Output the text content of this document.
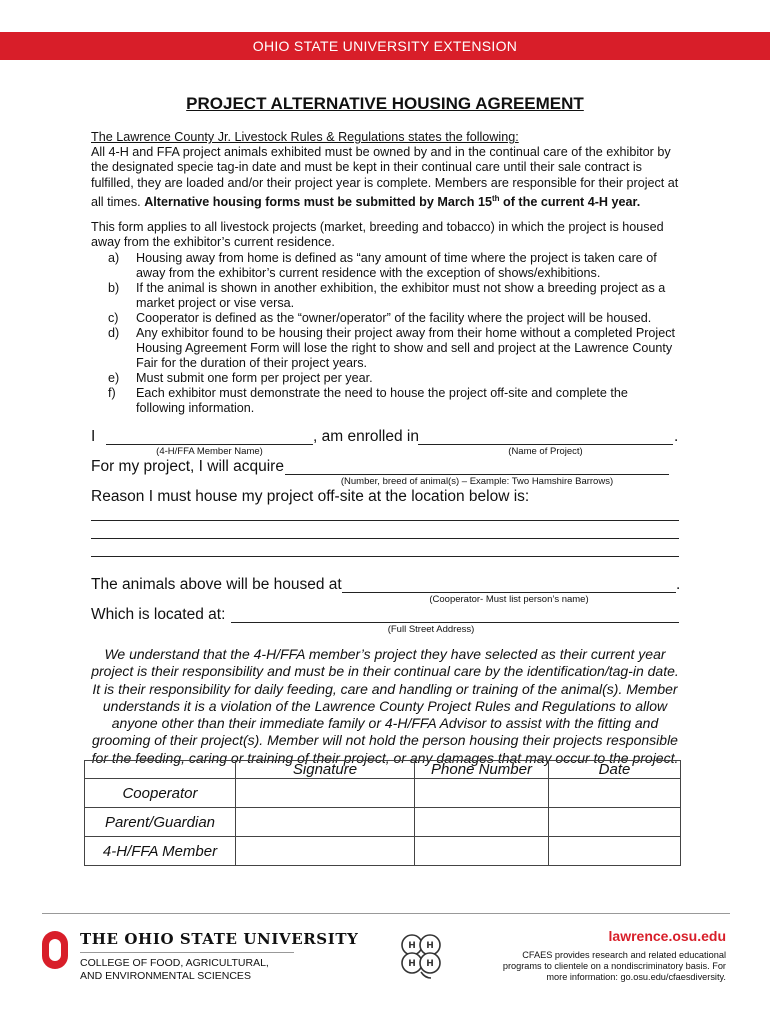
OHIO STATE UNIVERSITY EXTENSION
PROJECT ALTERNATIVE HOUSING AGREEMENT
The Lawrence County Jr. Livestock Rules & Regulations states the following:
All 4-H and FFA project animals exhibited must be owned by and in the continual care of the exhibitor by
the designated specie tag-in date and must be kept in their continual care until their sale contract is
fulfilled, they are loaded and/or their project year is complete. Members are responsible for their project at
all times. Alternative housing forms must be submitted by March 15th of the current 4-H year.
This form applies to all livestock projects (market, breeding and tobacco) in which the project is housed
away from the exhibitor’s current residence.
a) Housing away from home is defined as “any amount of time where the project is taken care of
away from the exhibitor’s current residence with the exception of shows/exhibitions.
b) If the animal is shown in another exhibition, the exhibitor must not show a breeding project as a
market project or vise versa.
c) Cooperator is defined as the “owner/operator” of the facility where the project will be housed.
d) Any exhibitor found to be housing their project away from their home without a completed Project
Housing Agreement Form will lose the right to show and sell and project at the Lawrence County
Fair for the duration of their project years.
e) Must submit one form per project per year.
f) Each exhibitor must demonstrate the need to house the project off-site and complete the
following information.
I	, am enrolled in	.
(4-H/FFA Member Name)	(Name of Project)
For my project, I will acquire
(Number, breed of animal(s) – Example: Two Hamshire Barrows)
Reason I must house my project off-site at the location below is:
The animals above will be housed at	.
(Cooperator- Must list person’s name)
Which is located at:
(Full Street Address)
We understand that the 4-H/FFA member’s project they have selected as their current year
project is their responsibility and must be in their continual care by the identification/tag-in date.
It is their responsibility for daily feeding, care and handling or training of the animal(s). Member
understands it is a violation of the Lawrence County Project Rules and Regulations to allow
anyone other than their immediate family or 4-H/FFA Advisor to assist with the fitting and
grooming of their project(s). Member will not hold the person housing their projects responsible
for the feeding, caring or training of their project, or any damages that may occur to the project.
	Signature	Phone Number	Date
Cooperator			
Parent/Guardian			
4-H/FFA Member			
THE OHIO STATE UNIVERSITY
COLLEGE OF FOOD, AGRICULTURAL,
AND ENVIRONMENTAL SCIENCES
H H
H H
lawrence.osu.edu
CFAES provides research and related educational
programs to clientele on a nondiscriminatory basis. For
more information: go.osu.edu/cfaesdiversity.
